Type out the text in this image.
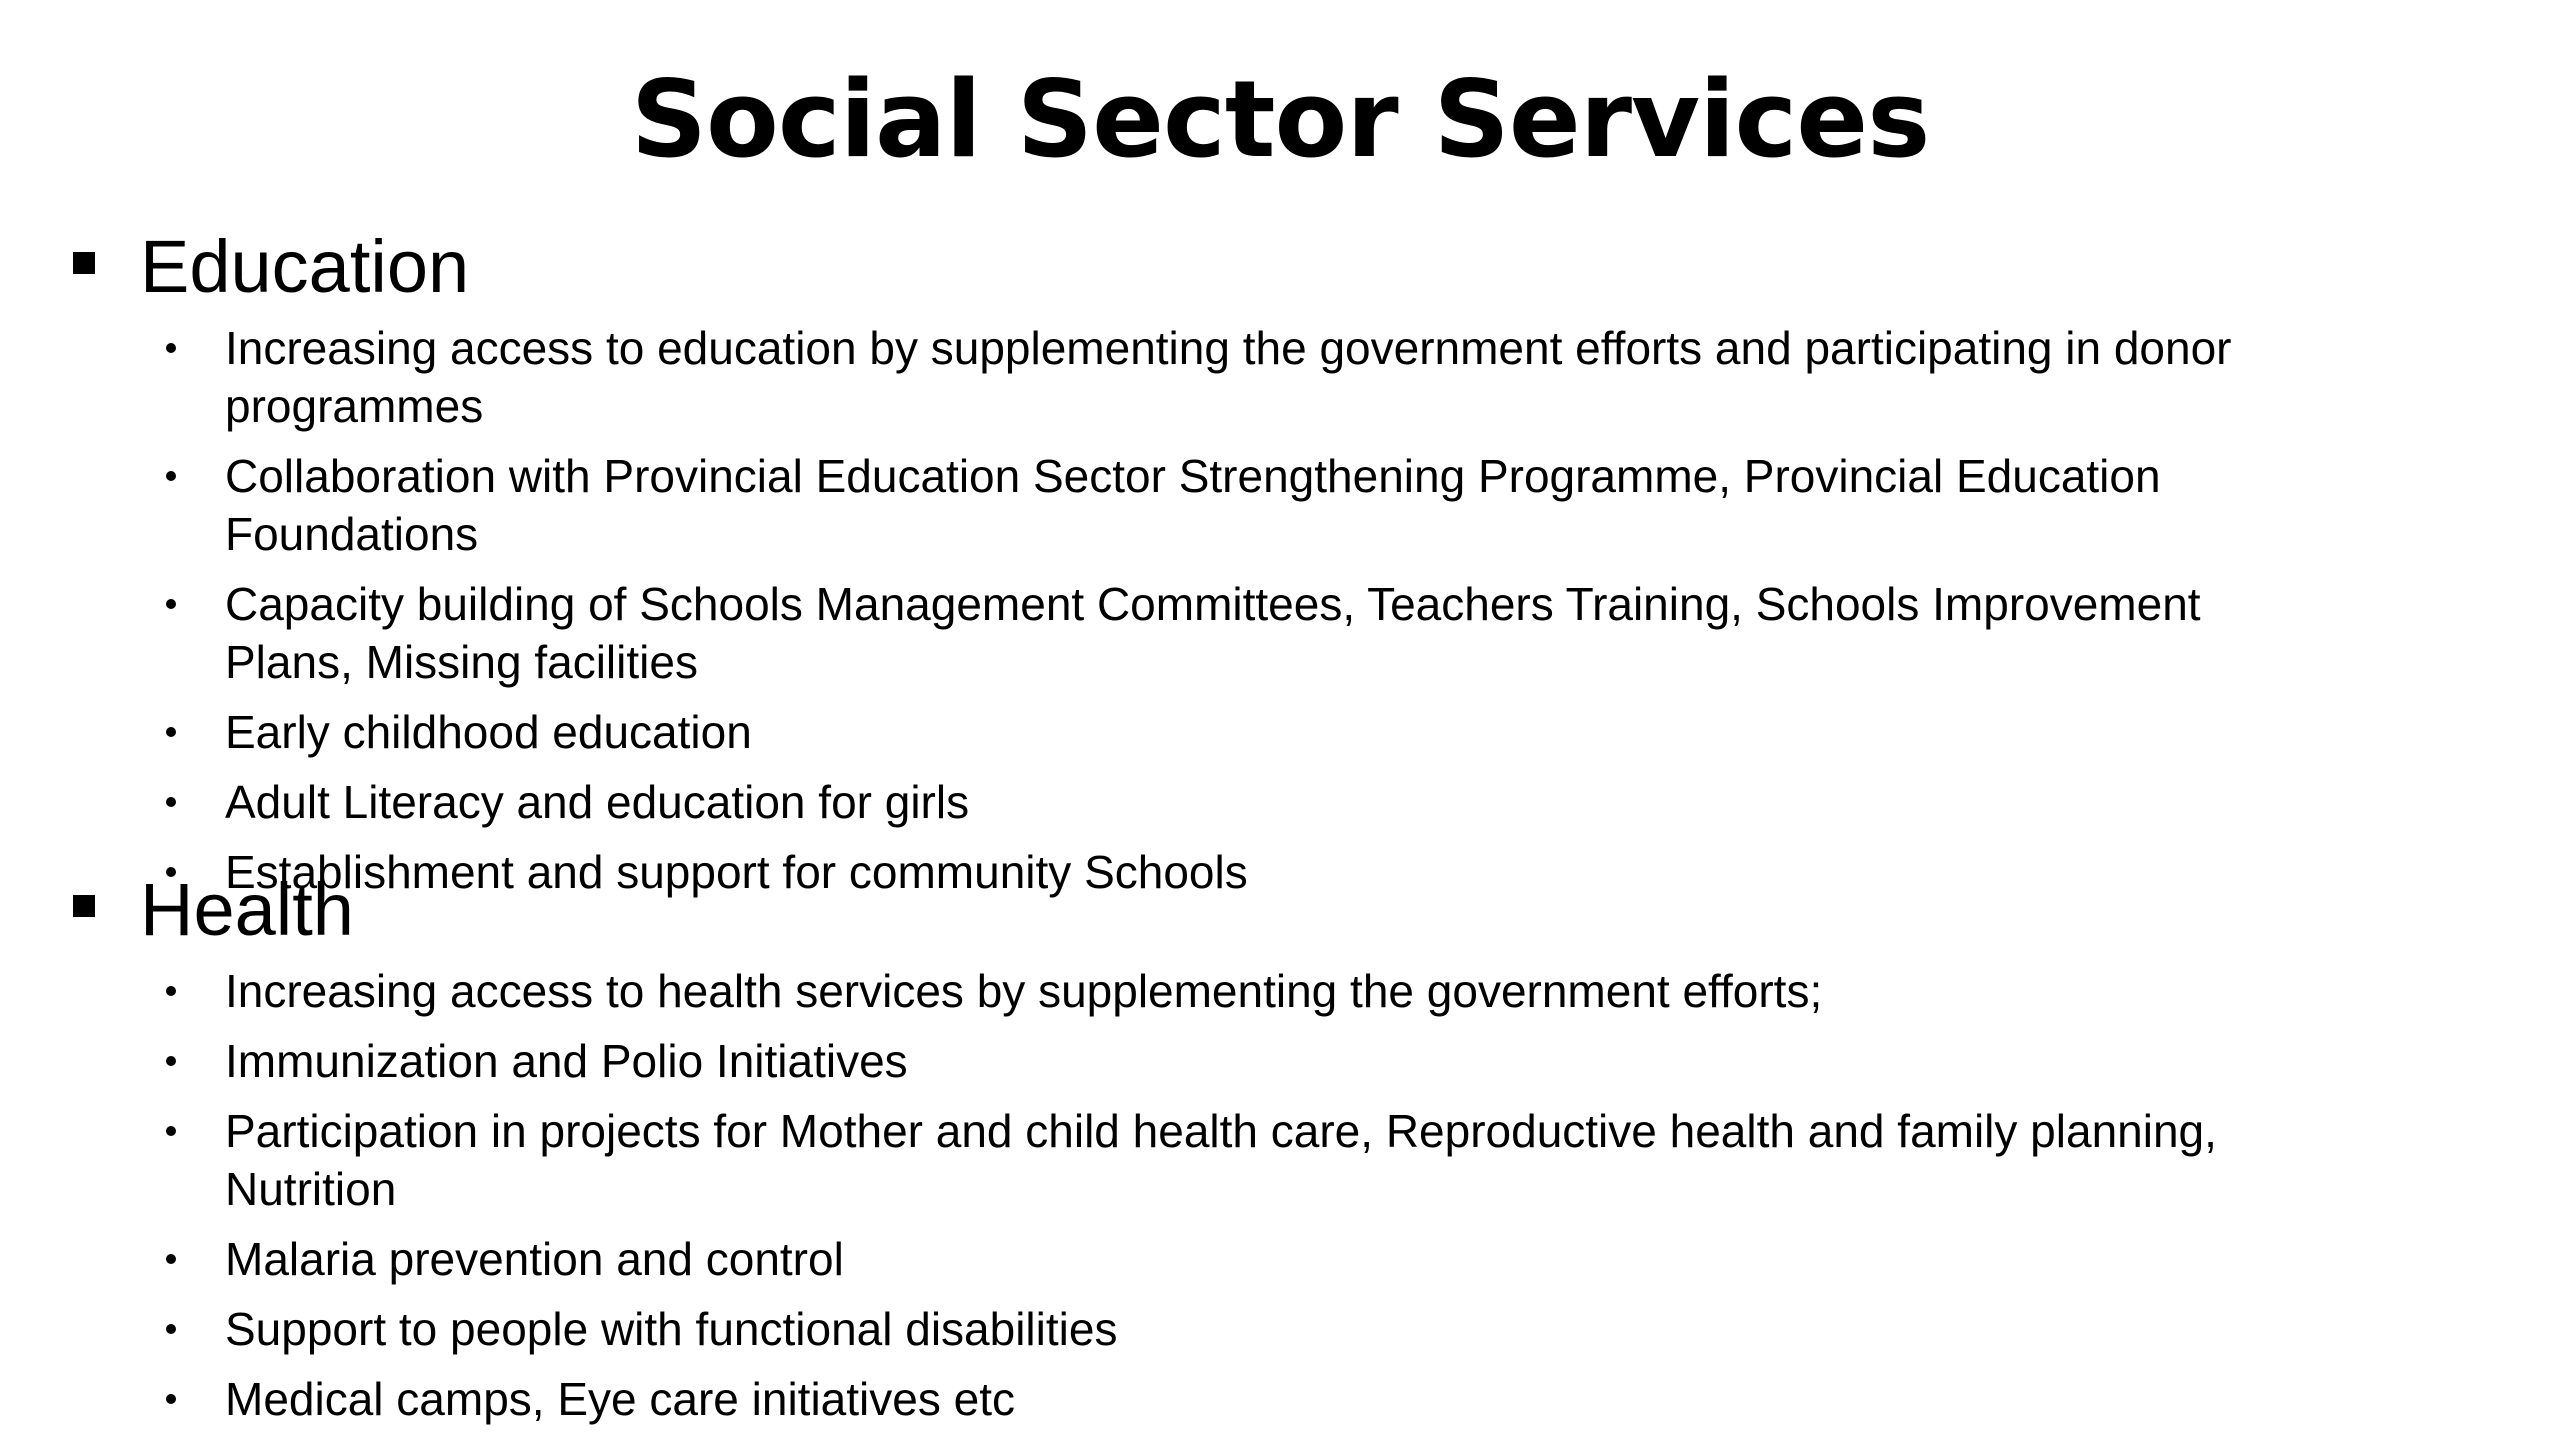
Social Sector Services
Education
Increasing access to education by supplementing the government efforts and participating in donor programmes
Collaboration with Provincial Education Sector Strengthening Programme, Provincial Education Foundations
Capacity building of Schools Management Committees, Teachers Training, Schools Improvement Plans, Missing facilities
Early childhood education
Adult Literacy and education for girls
Establishment and support for community Schools
Health
Increasing access to health services by supplementing the government efforts;
Immunization and Polio Initiatives
Participation in projects for Mother and child health care, Reproductive health and family planning, Nutrition
Malaria prevention and control
Support to people with functional disabilities
Medical camps, Eye care initiatives etc
